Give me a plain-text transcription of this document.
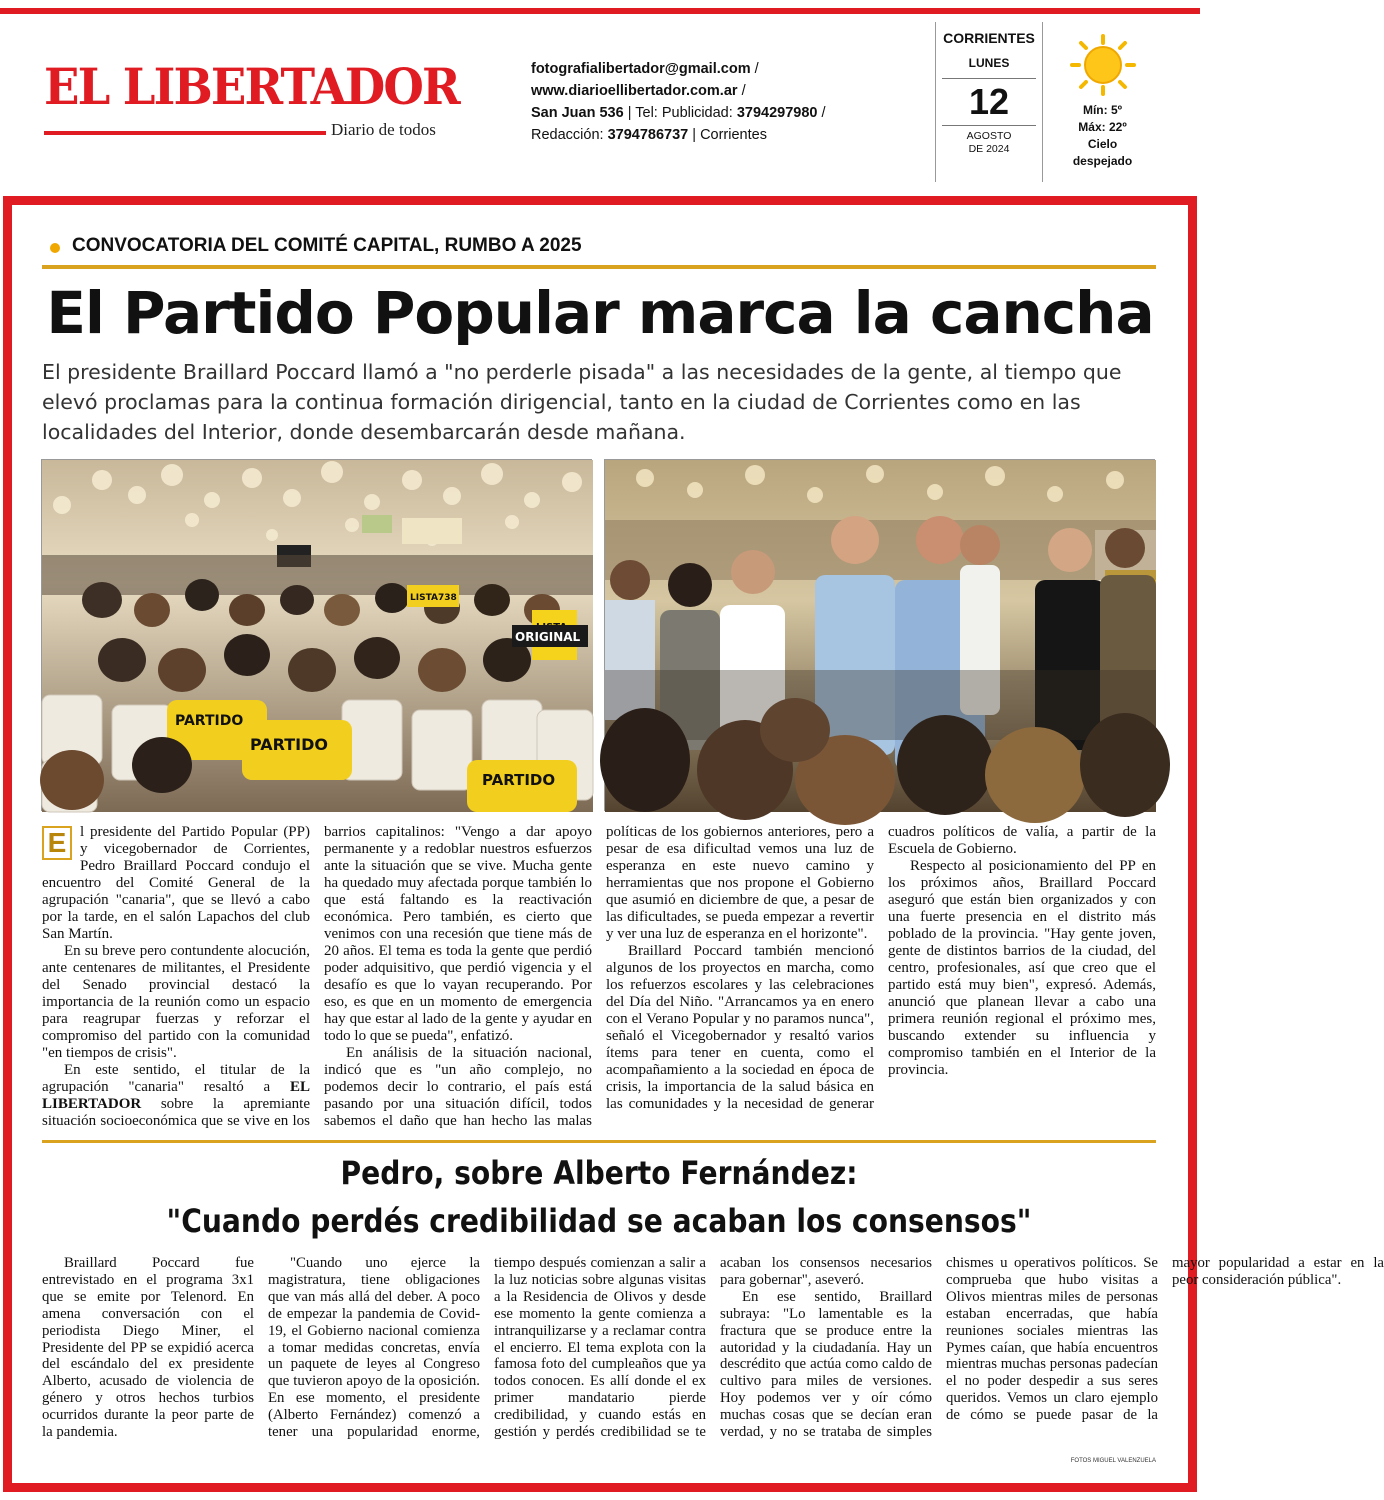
EL LIBERTADOR
Diario de todos
fotografialibertador@gmail.com /
www.diarioellibertador.com.ar /
San Juan 536 | Tel: Publicidad: 3794297980 /
Redacción: 3794786737 | Corrientes
CORRIENTES
LUNES
12
AGOSTO
DE 2024
Mín: 5º
Máx: 22º
Cielo
despejado
CONVOCATORIA DEL COMITÉ CAPITAL, RUMBO A 2025
El Partido Popular marca la cancha

El presidente Braillard Poccard llamó a "no perderle pisada" a las necesidades de la gente, al tiempo que elevó proclamas para la continua formación dirigencial, tanto en la ciudad de Corrientes como en las localidades del Interior, donde desembarcarán desde mañana.

PARTIDO
PARTIDO
PARTIDO
ORIGINAL
LISTA738

E l presidente del Partido Popular (PP) y vicegobernador de Corrientes, Pedro Braillard Poccard condujo el encuentro del Comité General de la agrupación "canaria", que se llevó a cabo por la tarde, en el salón Lapachos del club San Martín.

En su breve pero contundente alocución, ante centenares de militantes, el Presidente del Senado provincial destacó la importancia de la reunión como un espacio para reagrupar fuerzas y reforzar el compromiso del partido con la comunidad "en tiempos de crisis".

En este sentido, el titular de la agrupación "canaria" resaltó a EL LIBERTADOR sobre la apremiante situación socioeconómica que se vive en los barrios capitalinos: "Vengo a dar apoyo permanente y a redoblar nuestros esfuerzos ante la situación que se vive. Mucha gente ha quedado muy afectada porque también lo que está faltando es la reactivación económica. Pero también, es cierto que venimos con una recesión que tiene más de 20 años. El tema es toda la gente que perdió poder adquisitivo, que perdió vigencia y el desafío es que lo vayan recuperando. Por eso, es que en un momento de emergencia hay que estar al lado de la gente y ayudar en todo lo que se pueda", enfatizó.

En análisis de la situación nacional, indicó que es "un año complejo, no podemos decir lo contrario, el país está pasando por una situación difícil, todos sabemos el daño que han hecho las malas políticas de los gobiernos anteriores, pero a pesar de esa dificultad vemos una luz de esperanza en este nuevo camino y herramientas que nos propone el Gobierno que asumió en diciembre de que, a pesar de las dificultades, se pueda empezar a revertir y ver una luz de esperanza en el horizonte".

Braillard Poccard también mencionó algunos de los proyectos en marcha, como los refuerzos escolares y las celebraciones del Día del Niño. "Arrancamos ya en enero con el Verano Popular y no paramos nunca", señaló el Vicegobernador y resaltó varios ítems para tener en cuenta, como el acompañamiento a la sociedad en época de crisis, la importancia de la salud básica en las comunidades y la necesidad de generar cuadros políticos de valía, a partir de la Escuela de Gobierno.

Respecto al posicionamiento del PP en los próximos años, Braillard Poccard aseguró que están bien organizados y con una fuerte presencia en el distrito más poblado de la provincia. "Hay gente joven, gente de distintos barrios de la ciudad, del centro, profesionales, así que creo que el partido está muy bien", expresó. Además, anunció que planean llevar a cabo una primera reunión regional el próximo mes, buscando extender su influencia y compromiso también en el Interior de la provincia.

Pedro, sobre Alberto Fernández:
"Cuando perdés credibilidad se acaban los consensos"

Braillard Poccard fue entrevistado en el programa 3x1 que se emite por Telenord. En amena conversación con el periodista Diego Miner, el Presidente del PP se expidió acerca del escándalo del ex presidente Alberto, acusado de violencia de género y otros hechos turbios ocurridos durante la peor parte de la pandemia.

"Cuando uno ejerce la magistratura, tiene obligaciones que van más allá del deber. A poco de empezar la pandemia de Covid-19, el Gobierno nacional comienza a tomar medidas concretas, envía un paquete de leyes al Congreso que tuvieron apoyo de la oposición. En ese momento, el presidente (Alberto Fernández) comenzó a tener una popularidad enorme, tiempo después comienzan a salir a la luz noticias sobre algunas visitas a la Residencia de Olivos y desde ese momento la gente comienza a intranquilizarse y a reclamar contra el encierro. El tema explota con la famosa foto del cumpleaños que ya todos conocen. Es allí donde el ex primer mandatario pierde credibilidad, y cuando estás en gestión y perdés credibilidad se te acaban los consensos necesarios para gobernar", aseveró.

En ese sentido, Braillard subraya: "Lo lamentable es la fractura que se produce entre la autoridad y la ciudadanía. Hay un descrédito que actúa como caldo de cultivo para miles de versiones. Hoy podemos ver y oír cómo muchas cosas que se decían eran verdad, y no se trataba de simples chismes u operativos políticos. Se comprueba que hubo visitas a Olivos mientras miles de personas estaban encerradas, que había reuniones sociales mientras las Pymes caían, que había encuentros mientras muchas personas padecían el no poder despedir a sus seres queridos. Vemos un claro ejemplo de cómo se puede pasar de la mayor popularidad a estar en la peor consideración pública".

FOTOS MIGUEL VALENZUELA
